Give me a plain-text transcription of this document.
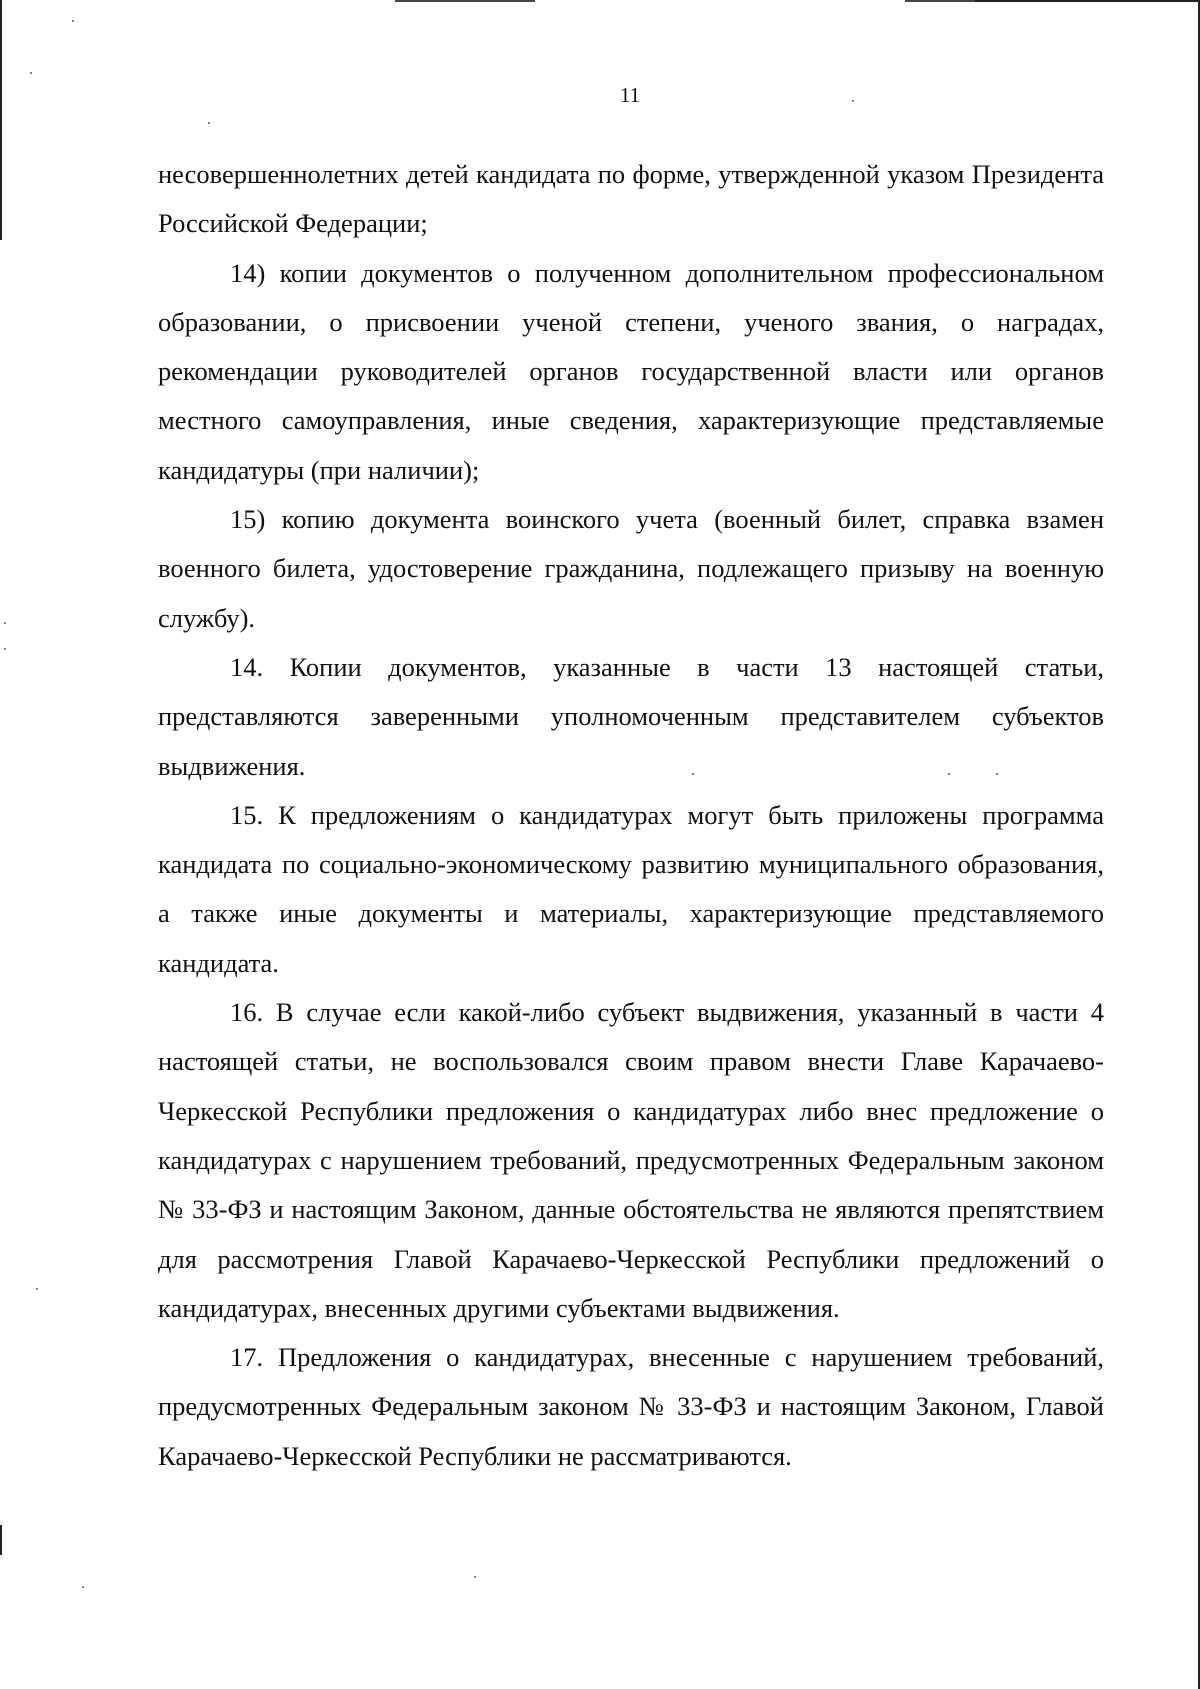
11

несовершеннолетних детей кандидата по форме, утвержденной указом Президента Российской Федерации;

14) копии документов о полученном дополнительном профессиональном образовании, о присвоении ученой степени, ученого звания, о наградах, рекомендации руководителей органов государственной власти или органов местного самоуправления, иные сведения, характеризующие представляемые кандидатуры (при наличии);

15) копию документа воинского учета (военный билет, справка взамен военного билета, удостоверение гражданина, подлежащего призыву на военную службу).

14. Копии документов, указанные в части 13 настоящей статьи, представляются заверенными уполномоченным представителем субъектов выдвижения.

15. К предложениям о кандидатурах могут быть приложены программа кандидата по социально-экономическому развитию муниципального образования, а также иные документы и материалы, характеризующие представляемого кандидата.

16. В случае если какой-либо субъект выдвижения, указанный в части 4 настоящей статьи, не воспользовался своим правом внести Главе Карачаево-Черкесской Республики предложения о кандидатурах либо внес предложение о кандидатурах с нарушением требований, предусмотренных Федеральным законом № 33-ФЗ и настоящим Законом, данные обстоятельства не являются препятствием для рассмотрения Главой Карачаево-Черкесской Республики предложений о кандидатурах, внесенных другими субъектами выдвижения.

17. Предложения о кандидатурах, внесенные с нарушением требований, предусмотренных Федеральным законом № 33-ФЗ и настоящим Законом, Главой Карачаево-Черкесской Республики не рассматриваются.
